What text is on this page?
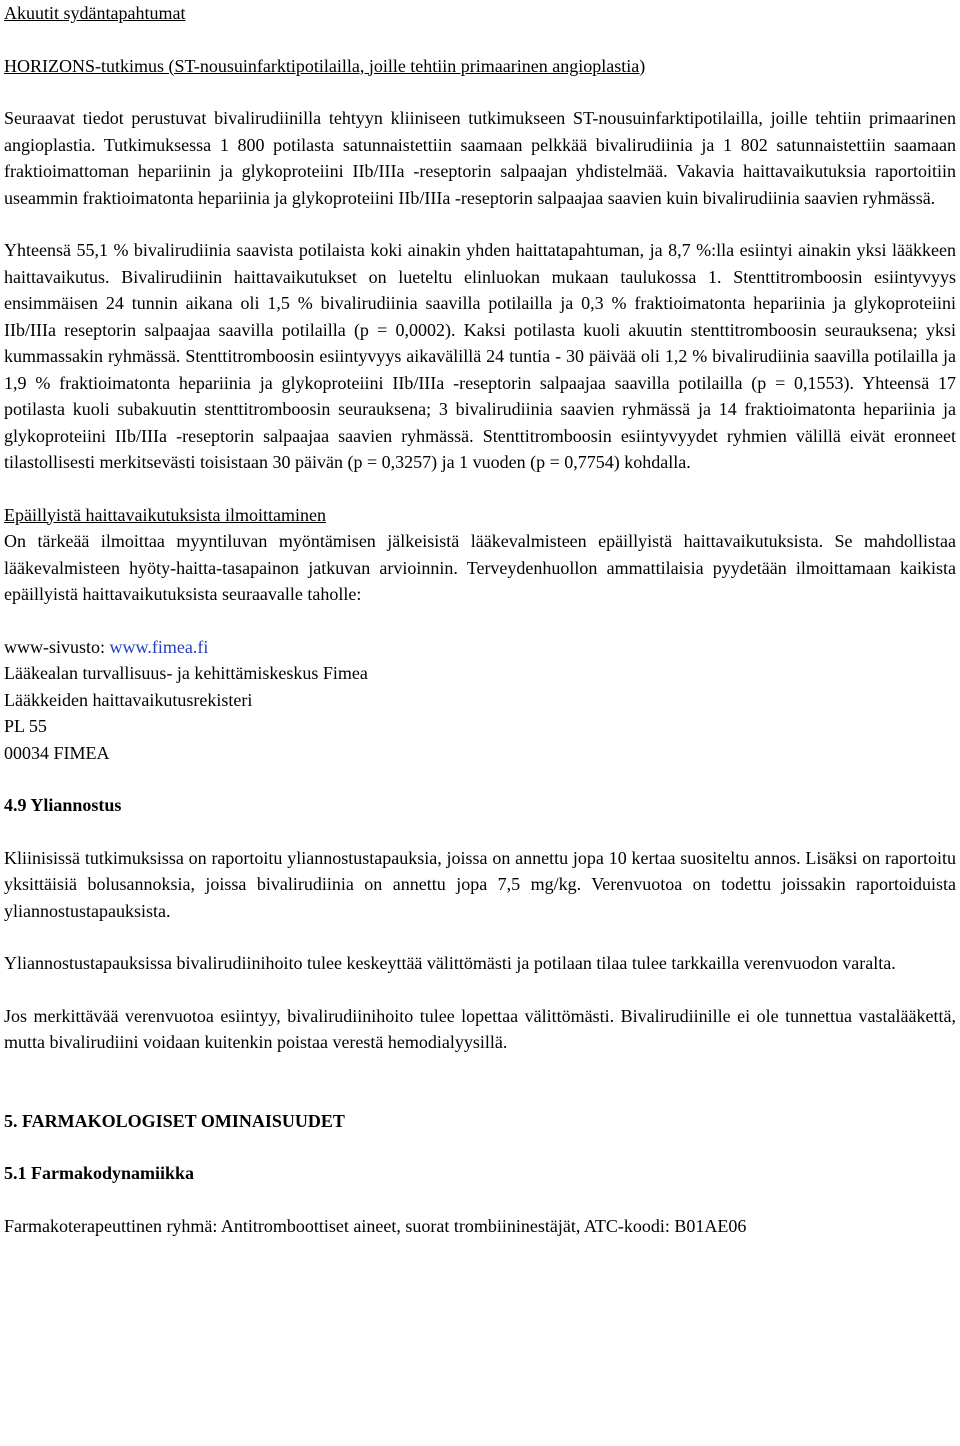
Akuutit sydäntapahtumat

HORIZONS-tutkimus (ST-nousuinfarktipotilailla, joille tehtiin primaarinen angioplastia)

Seuraavat tiedot perustuvat bivalirudiinilla tehtyyn kliiniseen tutkimukseen ST-nousuinfarktipotilailla, joille tehtiin primaarinen angioplastia. Tutkimuksessa 1 800 potilasta satunnaistettiin saamaan pelkkää bivalirudiinia ja 1 802 satunnaistettiin saamaan fraktioimattoman hepariinin ja glykoproteiini IIb/IIIa -reseptorin salpaajan yhdistelmää. Vakavia haittavaikutuksia raportoitiin useammin fraktioimatonta hepariinia ja glykoproteiini IIb/IIIa -reseptorin salpaajaa saavien kuin bivalirudiinia saavien ryhmässä.

Yhteensä 55,1 % bivalirudiinia saavista potilaista koki ainakin yhden haittatapahtuman, ja 8,7 %:lla esiintyi ainakin yksi lääkkeen haittavaikutus. Bivalirudiinin haittavaikutukset on lueteltu elinluokan mukaan taulukossa 1. Stenttitromboosin esiintyvyys ensimmäisen 24 tunnin aikana oli 1,5 % bivalirudiinia saavilla potilailla ja 0,3 % fraktioimatonta hepariinia ja glykoproteiini IIb/IIIa reseptorin salpaajaa saavilla potilailla (p = 0,0002). Kaksi potilasta kuoli akuutin stenttitromboosin seurauksena; yksi kummassakin ryhmässä. Stenttitromboosin esiintyvyys aikavälillä 24 tuntia - 30 päivää oli 1,2 % bivalirudiinia saavilla potilailla ja 1,9 % fraktioimatonta hepariinia ja glykoproteiini IIb/IIIa -reseptorin salpaajaa saavilla potilailla (p = 0,1553). Yhteensä 17 potilasta kuoli subakuutin stenttitromboosin seurauksena; 3 bivalirudiinia saavien ryhmässä ja 14 fraktioimatonta hepariinia ja glykoproteiini IIb/IIIa -reseptorin salpaajaa saavien ryhmässä. Stenttitromboosin esiintyvyydet ryhmien välillä eivät eronneet tilastollisesti merkitsevästi toisistaan 30 päivän (p = 0,3257) ja 1 vuoden (p = 0,7754) kohdalla.

Epäillyistä haittavaikutuksista ilmoittaminen

On tärkeää ilmoittaa myyntiluvan myöntämisen jälkeisistä lääkevalmisteen epäillyistä haittavaikutuksista. Se mahdollistaa lääkevalmisteen hyöty-haitta-tasapainon jatkuvan arvioinnin. Terveydenhuollon ammattilaisia pyydetään ilmoittamaan kaikista epäillyistä haittavaikutuksista seuraavalle taholle:

www-sivusto: www.fimea.fi

Lääkealan turvallisuus- ja kehittämiskeskus Fimea

Lääkkeiden haittavaikutusrekisteri

PL 55

00034 FIMEA

4.9 Yliannostus

Kliinisissä tutkimuksissa on raportoitu yliannostustapauksia, joissa on annettu jopa 10 kertaa suositeltu annos. Lisäksi on raportoitu yksittäisiä bolusannoksia, joissa bivalirudiinia on annettu jopa 7,5 mg/kg. Verenvuotoa on todettu joissakin raportoiduista yliannostustapauksista.

Yliannostustapauksissa bivalirudiinihoito tulee keskeyttää välittömästi ja potilaan tilaa tulee tarkkailla verenvuodon varalta.

Jos merkittävää verenvuotoa esiintyy, bivalirudiinihoito tulee lopettaa välittömästi. Bivalirudiinille ei ole tunnettua vastalääkettä, mutta bivalirudiini voidaan kuitenkin poistaa verestä hemodialyysillä.

5. FARMAKOLOGISET OMINAISUUDET

5.1 Farmakodynamiikka

Farmakoterapeuttinen ryhmä: Antitromboottiset aineet, suorat trombiininestäjät, ATC-koodi: B01AE06
